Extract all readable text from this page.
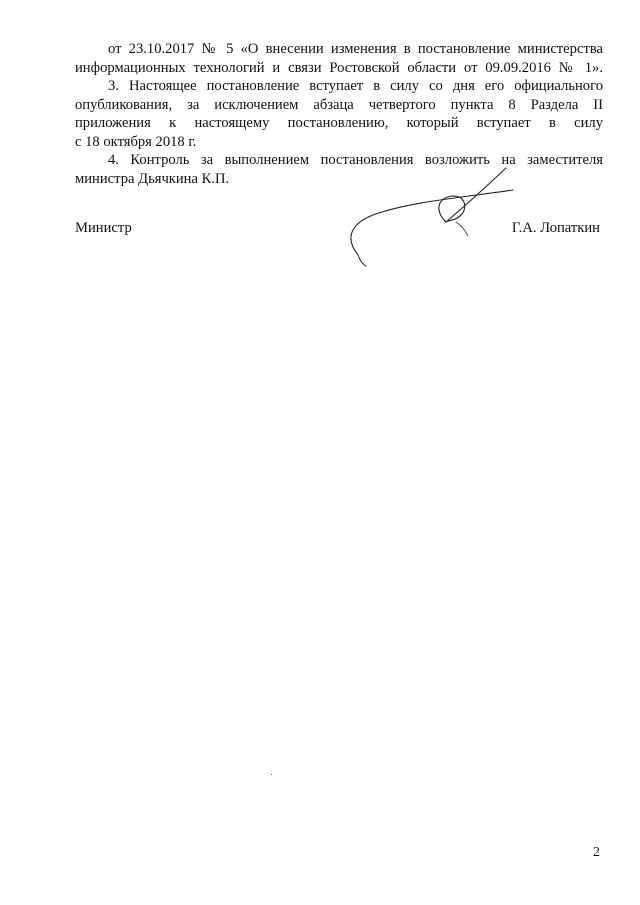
от 23.10.2017 № 5 «О внесении изменения в постановление министерства
информационных технологий и связи Ростовской области от 09.09.2016 № 1».

3. Настоящее постановление вступает в силу со дня его официального
опубликования, за исключением абзаца четвертого пункта 8 Раздела II
приложения к настоящему постановлению, который вступает в силу
с 18 октября 2018 г.

4. Контроль за выполнением постановления возложить на заместителя
министра Дьячкина К.П.

Министр	Г.А. Лопаткин
2
